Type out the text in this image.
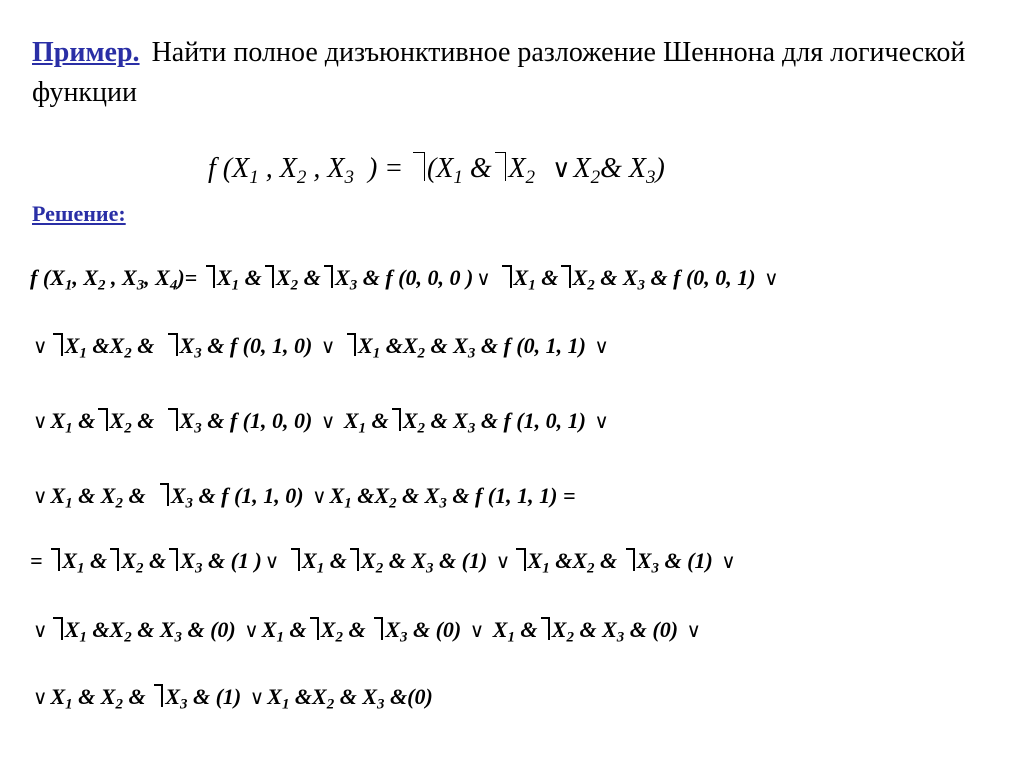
Пример. Найти полное дизъюнктивное разложение Шеннона для логической функции
f ($X_1$ , $X_2$ , $X_3$ ) = ($X_1$ & $X_2$ ∨ $X_2\&$ $X_3$)
Решение:
f ($X_1$, $X_2$ , $X_3$, $X_4)= X_1$ & $X_2$ & $X_3$ & f (0, 0, 0 ) ∨ $X_1$ & $X_2$ & $X_3$ & f (0, 0, 1) ∨
∨ $X_1$ $\&X_2$ & $X_3$ & f (0, 1, 0) ∨ $X_1$ $\&X_2$ & $X_3$ & f (0, 1, 1) ∨
∨ $X_1$ & $X_2$ & $X_3$ & f (1, 0, 0) ∨ $X_1$ & $X_2$ & $X_3$ & f (1, 0, 1) ∨
∨ $X_1$ & $X_2$ & $X_3$ & f (1, 1, 0) ∨ $X_1$ $\&X_2$ & $X_3$ & f (1, 1, 1) =
= $X_1$ & $X_2$ & $X_3$ & (1 ) ∨ $X_1$ & $X_2$ & $X_3$ & (1) ∨ $X_1$ $\&X_2$ & $X_3$ & (1) ∨
∨ $X_1$ $\&X_2$ & $X_3$ & (0) ∨ $X_1$ & $X_2$ & $X_3$ & (0) ∨ $X_1$ & $X_2$ & $X_3$ & (0) ∨
∨ $X_1$ & $X_2$ & $X_3$ & (1) ∨ $X_1$ $\&X_2$ & $X_3$ &(0)
